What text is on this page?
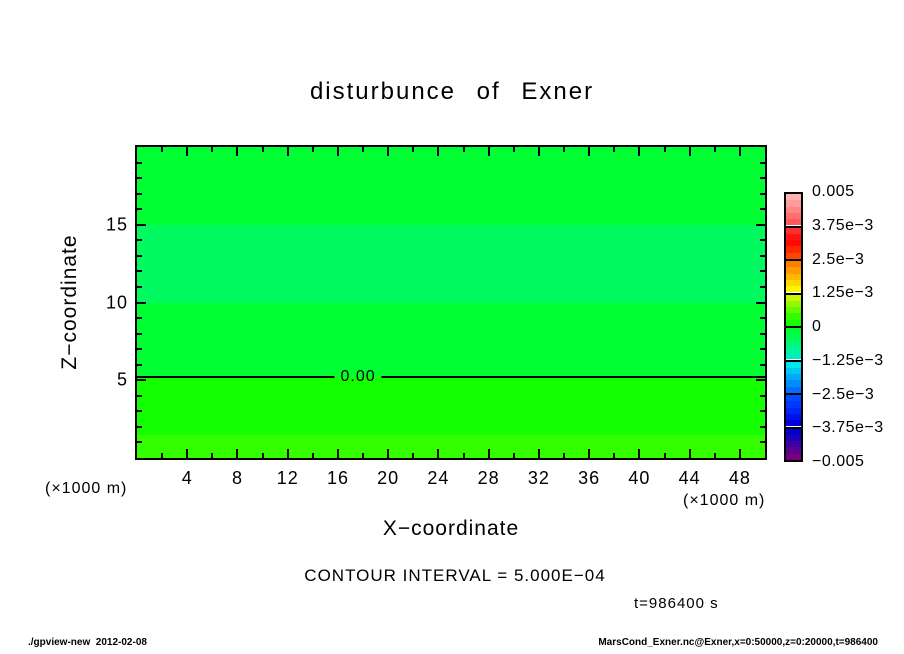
disturbunce of Exner
Z−coordinate
5
10
15
0.00
4 8 12 16 20 24 28 32 36 40 44 48
(×1000 m)
(×1000 m)
X−coordinate
0.005
3.75e−3
2.5e−3
1.25e−3
0
−1.25e−3
−2.5e−3
−3.75e−3
−0.005
CONTOUR INTERVAL = 5.000E−04
t=986400 s
./gpview-new  2012-02-08	MarsCond_Exner.nc@Exner,x=0:50000,z=0:20000,t=986400
